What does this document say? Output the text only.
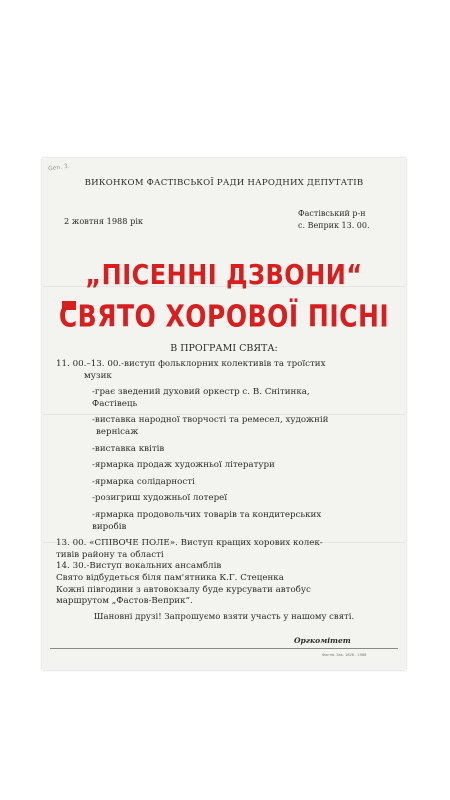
ВИКОНКОМ ФАСТІВСЬКОЇ РАДИ НАРОДНИХ ДЕПУТАТІВ
2 жовтня 1988 рік
Фастівський р-н
с. Веприк 13. 00.
„ПІСЕННІ ДЗВОНИ“
СВЯТО ХОРОВОЇ ПІСНІ
В ПРОГРАМІ СВЯТА:
11. 00.–13. 00.-виступ фольклорних колективів та троїстих
музик
-грає зведений духовий оркестр с. В. Снітинка,
Фастівець
-виставка народної творчості та ремесел, художній
вернісаж
-виставка квітів
-ярмарка продаж художньої літератури
-ярмарка солідарності
-розигриш художньої лотереї
-ярмарка продовольчих товарів та кондитерських
виробів
13. 00. «СПІВОЧЕ ПОЛЕ». Виступ кращих хорових колек-
тивів району та області
14. 30.-Виступ вокальних ансамблів
Свято відбудеться біля пам'ятника К.Г. Стеценка
Кожні півгодини з автовокзалу буде курсувати автобус
маршрутом „Фастов-Веприк“.
Шановні друзі! Запрошуємо взяти участь у нашому святі.
Оргкомітет
Фастів. Зак. 1828 - 1988
Gen. 3.
